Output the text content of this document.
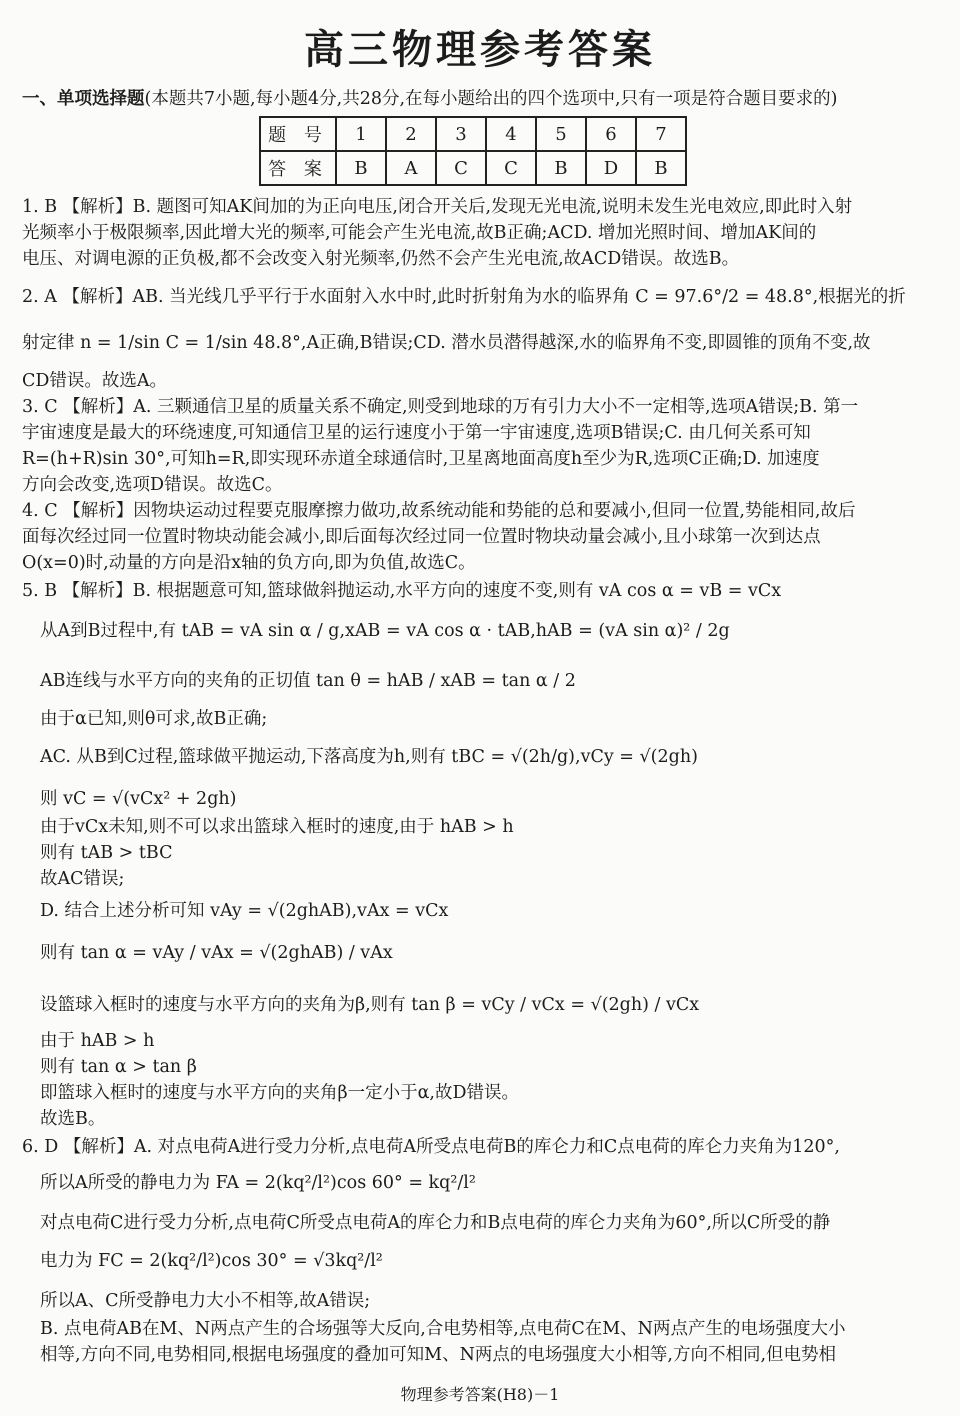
高三物理参考答案
一、单项选择题(本题共7小题,每小题4分,共28分,在每小题给出的四个选项中,只有一项是符合题目要求的)
题 号	1	2	3	4	5	6	7
答 案	B	A	C	C	B	D	B
1. B 【解析】B. 题图可知AK间加的为正向电压,闭合开关后,发现无光电流,说明未发生光电效应,即此时入射
光频率小于极限频率,因此增大光的频率,可能会产生光电流,故B正确;ACD. 增加光照时间、增加AK间的
电压、对调电源的正负极,都不会改变入射光频率,仍然不会产生光电流,故ACD错误。故选B。
2. A 【解析】AB. 当光线几乎平行于水面射入水中时,此时折射角为水的临界角 C = 97.6°/2 = 48.8°,根据光的折
射定律 n = 1/sin C = 1/sin 48.8°,A正确,B错误;CD. 潜水员潜得越深,水的临界角不变,即圆锥的顶角不变,故
CD错误。故选A。
3. C 【解析】A. 三颗通信卫星的质量关系不确定,则受到地球的万有引力大小不一定相等,选项A错误;B. 第一
宇宙速度是最大的环绕速度,可知通信卫星的运行速度小于第一宇宙速度,选项B错误;C. 由几何关系可知
R=(h+R)sin 30°,可知h=R,即实现环赤道全球通信时,卫星离地面高度h至少为R,选项C正确;D. 加速度
方向会改变,选项D错误。故选C。
4. C 【解析】因物块运动过程要克服摩擦力做功,故系统动能和势能的总和要减小,但同一位置,势能相同,故后
面每次经过同一位置时物块动能会减小,即后面每次经过同一位置时物块动量会减小,且小球第一次到达点
O(x=0)时,动量的方向是沿x轴的负方向,即为负值,故选C。
5. B 【解析】B. 根据题意可知,篮球做斜抛运动,水平方向的速度不变,则有 vA cos α = vB = vCx
从A到B过程中,有 tAB = vA sin α / g,xAB = vA cos α · tAB,hAB = (vA sin α)² / 2g
AB连线与水平方向的夹角的正切值 tan θ = hAB / xAB = tan α / 2
由于α已知,则θ可求,故B正确;
AC. 从B到C过程,篮球做平抛运动,下落高度为h,则有 tBC = √(2h/g),vCy = √(2gh)
则 vC = √(vCx² + 2gh)
由于vCx未知,则不可以求出篮球入框时的速度,由于 hAB > h
则有 tAB > tBC
故AC错误;
D. 结合上述分析可知 vAy = √(2ghAB),vAx = vCx
则有 tan α = vAy / vAx = √(2ghAB) / vAx
设篮球入框时的速度与水平方向的夹角为β,则有 tan β = vCy / vCx = √(2gh) / vCx
由于 hAB > h
则有 tan α > tan β
即篮球入框时的速度与水平方向的夹角β一定小于α,故D错误。
故选B。
6. D 【解析】A. 对点电荷A进行受力分析,点电荷A所受点电荷B的库仑力和C点电荷的库仑力夹角为120°,
所以A所受的静电力为 FA = 2(kq²/l²)cos 60° = kq²/l²
对点电荷C进行受力分析,点电荷C所受点电荷A的库仑力和B点电荷的库仑力夹角为60°,所以C所受的静
电力为 FC = 2(kq²/l²)cos 30° = √3kq²/l²
所以A、C所受静电力大小不相等,故A错误;
B. 点电荷AB在M、N两点产生的合场强等大反向,合电势相等,点电荷C在M、N两点产生的电场强度大小
相等,方向不同,电势相同,根据电场强度的叠加可知M、N两点的电场强度大小相等,方向不相同,但电势相
物理参考答案(H8)－1
